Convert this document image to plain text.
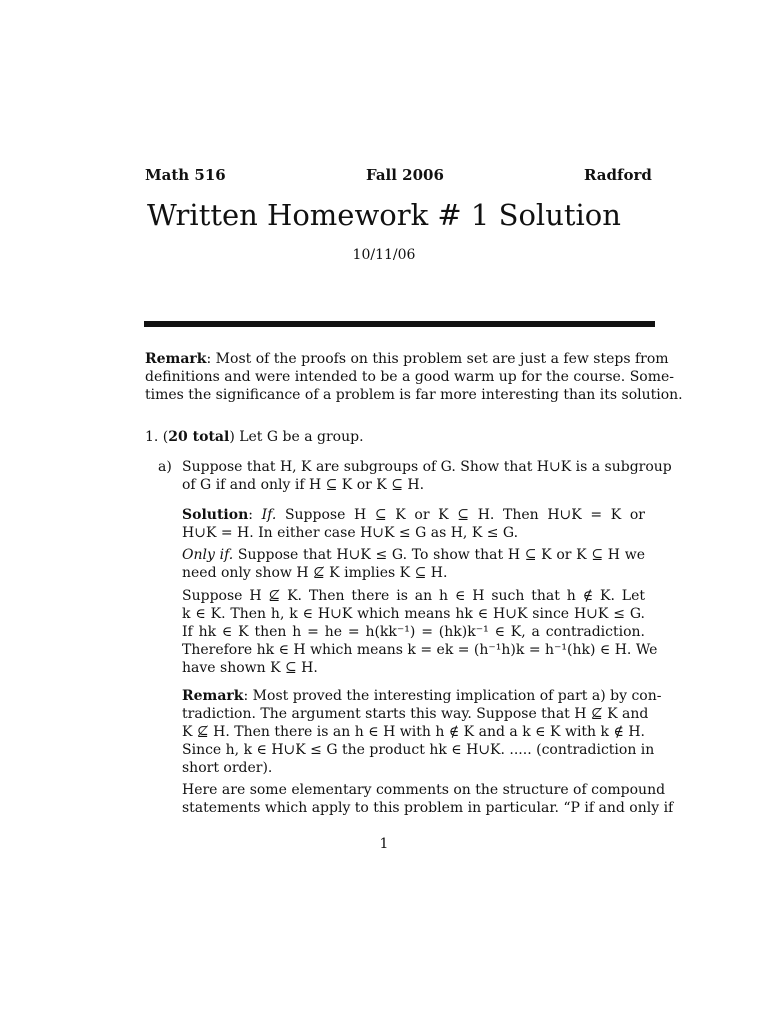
Math 516	Fall 2006	Radford
Written Homework # 1 Solution
10/11/06
Remark: Most of the proofs on this problem set are just a few steps from
definitions and were intended to be a good warm up for the course. Some-
times the significance of a problem is far more interesting than its solution.
1. (20 total) Let G be a group.
a) Suppose that H, K are subgroups of G. Show that H∪K is a subgroup
of G if and only if H ⊆ K or K ⊆ H.
Solution: If. Suppose H ⊆ K or K ⊆ H. Then H∪K = K or
H∪K = H. In either case H∪K ≤ G as H, K ≤ G.
Only if. Suppose that H∪K ≤ G. To show that H ⊆ K or K ⊆ H we
need only show H ⊈ K implies K ⊆ H.
Suppose H ⊈ K. Then there is an h ∈ H such that h ∉ K. Let
k ∈ K. Then h, k ∈ H∪K which means hk ∈ H∪K since H∪K ≤ G.
If hk ∈ K then h = he = h(kk⁻¹) = (hk)k⁻¹ ∈ K, a contradiction.
Therefore hk ∈ H which means k = ek = (h⁻¹h)k = h⁻¹(hk) ∈ H. We
have shown K ⊆ H.
Remark: Most proved the interesting implication of part a) by con-
tradiction. The argument starts this way. Suppose that H ⊈ K and
K ⊈ H. Then there is an h ∈ H with h ∉ K and a k ∈ K with k ∉ H.
Since h, k ∈ H∪K ≤ G the product hk ∈ H∪K. ..... (contradiction in
short order).
Here are some elementary comments on the structure of compound
statements which apply to this problem in particular. “P if and only if
1
